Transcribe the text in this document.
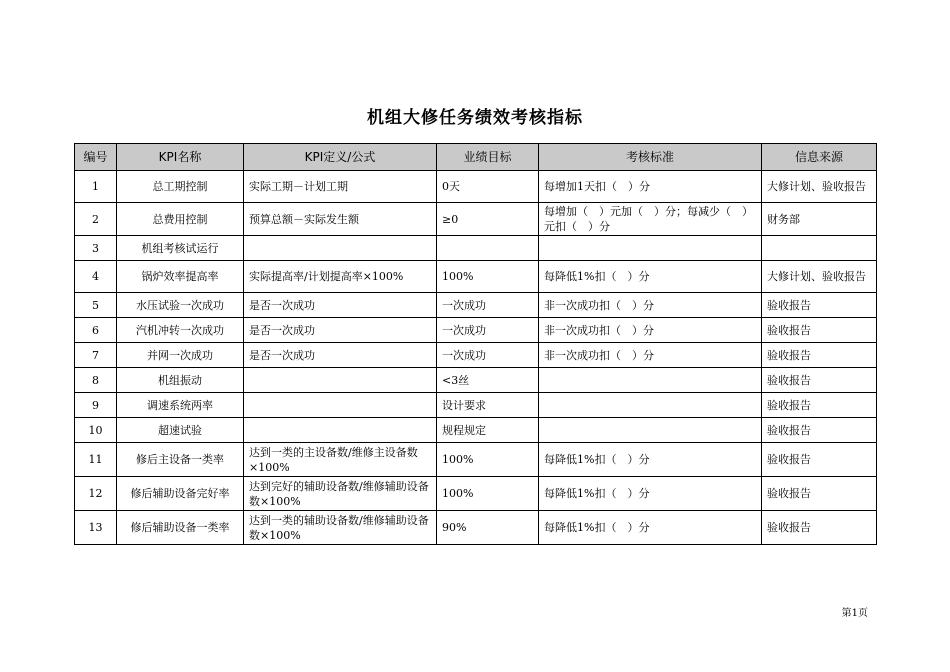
机组大修任务绩效考核指标
编号	KPI名称	KPI定义/公式	业绩目标	考核标准	信息来源
1	总工期控制	实际工期－计划工期	0天	每增加1天扣（　）分	大修计划、验收报告
2	总费用控制	预算总额－实际发生额	≥0	每增加（　）元加（　）分；每减少（　）元扣（　）分	财务部
3	机组考核试运行				
4	锅炉效率提高率	实际提高率/计划提高率×100%	100%	每降低1%扣（　）分	大修计划、验收报告
5	水压试验一次成功	是否一次成功	一次成功	非一次成功扣（　）分	验收报告
6	汽机冲转一次成功	是否一次成功	一次成功	非一次成功扣（　）分	验收报告
7	并网一次成功	是否一次成功	一次成功	非一次成功扣（　）分	验收报告
8	机组振动		<3丝		验收报告
9	调速系统两率		设计要求		验收报告
10	超速试验		规程规定		验收报告
11	修后主设备一类率	达到一类的主设备数/维修主设备数×100%	100%	每降低1%扣（　）分	验收报告
12	修后辅助设备完好率	达到完好的辅助设备数/维修辅助设备数×100%	100%	每降低1%扣（　）分	验收报告
13	修后辅助设备一类率	达到一类的辅助设备数/维修辅助设备数×100%	90%	每降低1%扣（　）分	验收报告
第1页
